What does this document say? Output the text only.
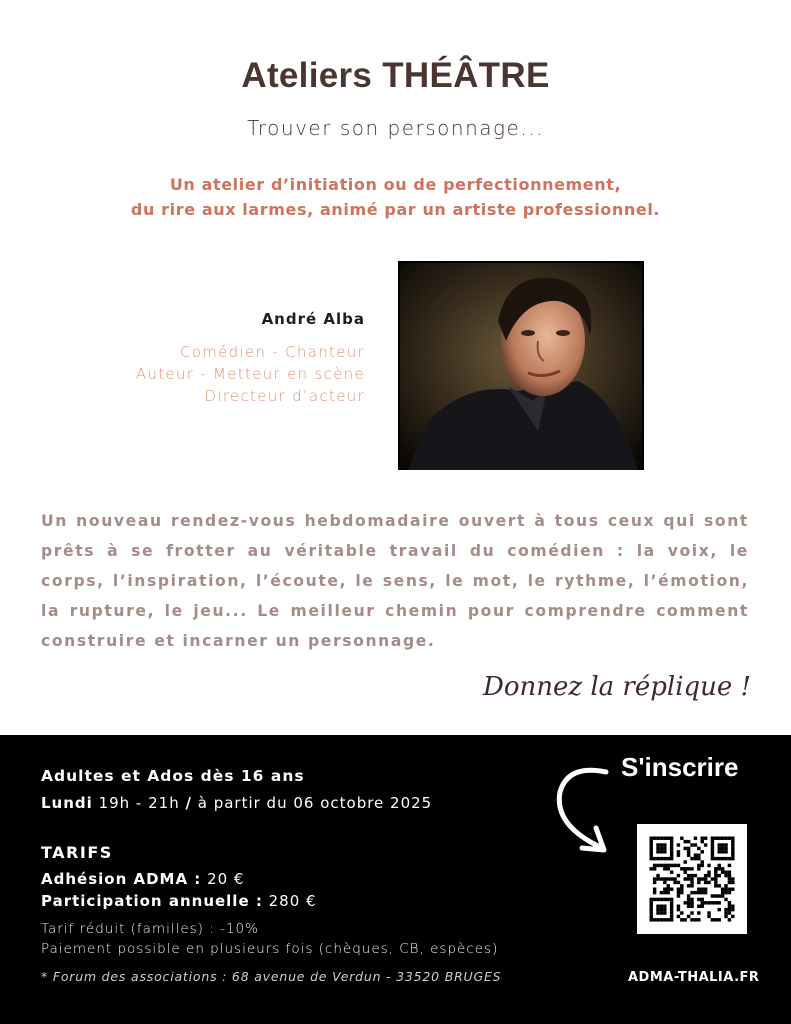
Ateliers THÉÂTRE
Trouver son personnage...
Un atelier d’initiation ou de perfectionnement,
du rire aux larmes, animé par un artiste professionnel.
André Alba
Comédien - Chanteur
Auteur - Metteur en scène
Directeur d’acteur
Un nouveau rendez-vous hebdomadaire ouvert à tous ceux qui sont prêts à se frotter au véritable travail du comédien : la voix, le corps, l’inspiration, l’écoute, le sens, le mot, le rythme, l’émotion, la rupture, le jeu... Le meilleur chemin pour comprendre comment construire et incarner un personnage.
Donnez la réplique !
Adultes et Ados dès 16 ans
Lundi 19h - 21h / à partir du 06 octobre 2025
TARIFS
Adhésion ADMA : 20 €
Participation annuelle : 280 €
Tarif réduit (familles) : -10%
Paiement possible en plusieurs fois (chèques, CB, espèces)
* Forum des associations : 68 avenue de Verdun - 33520 BRUGES
S'inscrire
ADMA-THALIA.FR
